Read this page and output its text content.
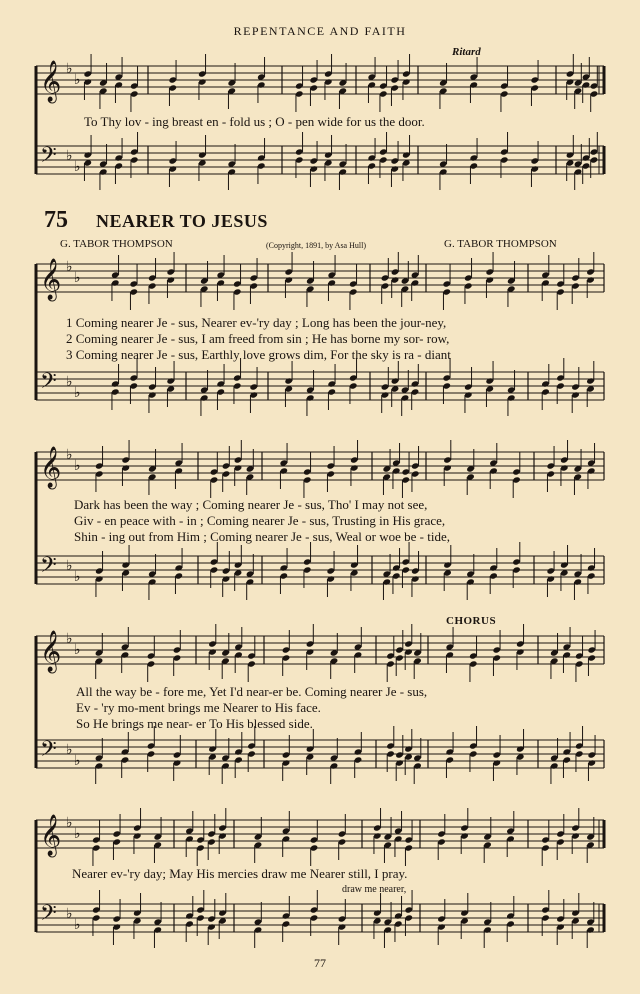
REPENTANCE AND FAITH
Ritard
75 NEARER TO JESUS
G. TABOR THOMPSON	(Copyright, 1891, by Asa Hull)	G. TABOR THOMPSON
CHORUS
𝄞 ♭
♭
𝄢 ♭
♭
𝄞 ♭
♭
𝄢 ♭
♭
𝄞 ♭
♭
𝄢 ♭
♭
𝄞 ♭
♭
𝄢 ♭
♭
𝄞 ♭
♭
𝄢 ♭
♭
To Thy lov - ing breast en - fold us ; O - pen wide for us the door.
1 Coming nearer Je - sus, Nearer ev-'ry day ; Long has been the jour-ney,
2 Coming nearer Je - sus, I am freed from sin ; He has borne my sor- row,
3 Coming nearer Je - sus, Earthly love grows dim, For the sky is ra - diant
Dark has been the way ; Coming nearer Je - sus, Tho' I may not see,
Giv - en peace with - in ; Coming nearer Je - sus, Trusting in His grace,
Shin - ing out from Him ; Coming nearer Je - sus, Weal or woe be - tide,
All the way be - fore me, Yet I'd near-er be. Coming nearer Je - sus,
Ev - 'ry mo-ment brings me Nearer to His face.
So He brings me near- er To His blessed side.
Nearer ev-'ry day; May His mercies draw me Nearer still, I pray.
draw me nearer,
77
